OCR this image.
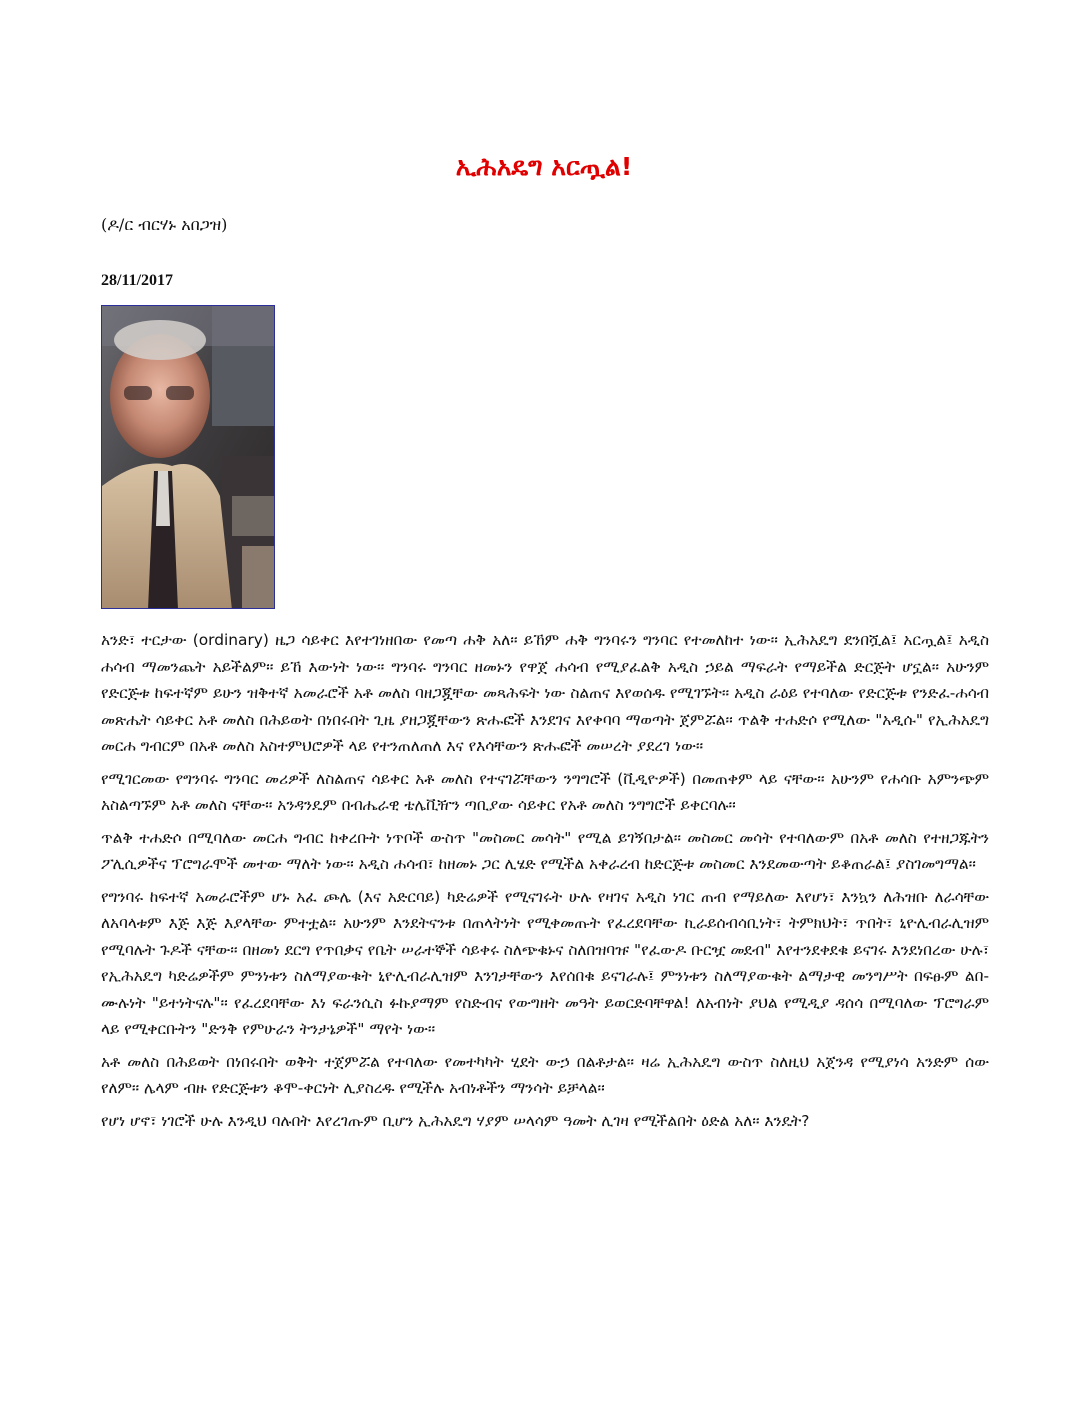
ኢሕአዴግ አርጧል!

(ዶ/ር ብርሃኑ አበጋዝ)

28/11/2017

አንድ፣ ተርታው (ordinary) ዜጋ ሳይቀር እየተገነዘበው የመጣ ሐቅ አለ፡፡ ይኸም ሐቅ ግንባሩን ግንባር የተመለከተ ነው፡፡ ኢሕአዴግ ደንበሿል፤ አርጧል፤ አዲስ ሐሳብ ማመንጨት አይችልም፡፡ ይኸ እውነት ነው፡፡ ግንባሩ ግንባር ዘመኑን የዋጀ ሐሳብ የሚያፈልቅ አዲስ ኃይል ማፍራት የማይችል ድርጅት ሆኗል፡፡ አሁንም የድርጅቱ ከፍተኛም ይሁን ዝቅተኛ አመራሮች አቶ መለስ ባዘጋጇቸው መጻሕፍት ነው ስልጠና እየወሰዱ የሚገኙት፡፡ አዲስ ራዕይ የተባለው የድርጅቱ የንድፈ-ሐሳብ መጽሔት ሳይቀር አቶ መለስ በሕይወት በነበሩበት ጊዜ ያዘጋጇቸውን ጽሑፎች እንደገና እየቀባባ ማወጣት ጀምሯል፡፡ ጥልቅ ተሐድሶ የሚለው "አዲሱ" የኢሕአዴግ መርሐ ግብርም በአቶ መለስ አስተምህሮዎች ላይ የተንጠለጠለ እና የእሳቸውን ጽሑፎች መሠረት ያደረገ ነው፡፡

የሚገርመው የግንባሩ ግንባር መሪዎች ለስልጠና ሳይቀር አቶ መለስ የተናገሯቸውን ንግግሮች (ቪዲዮዎች) በመጠቀም ላይ ናቸው፡፡ አሁንም የሐሳቡ አምንጭም አስልጣኙም አቶ መለስ ናቸው፡፡ አንዳንዴም በብሔራዊ ቴሌቪዥን ጣቢያው ሳይቀር የአቶ መለስ ንግግሮች ይቀርባሉ፡፡

ጥልቅ ተሐድሶ በሚባለው መርሐ ግብር ከቀረቡት ነጥቦች ውስጥ "መስመር መሳት" የሚል ይገኝበታል፡፡ መስመር መሳት የተባለውም በአቶ መለስ የተዘጋጁትን ፖሊሲዎችና ፕሮግራሞች መተው ማለት ነው፡፡ አዲስ ሐሳብ፣ ከዘመኑ ጋር ሊሄድ የሚችል አቀራረብ ከድርጅቱ መስመር እንደመውጣት ይቆጠራል፤ ያስገመግማል፡፡

የግንባሩ ከፍተኛ አመራሮችም ሆኑ አፈ ጮሌ (እና አድርባይ) ካድሬዎች የሚናገሩት ሁሉ የዛገና አዲስ ነገር ጠብ የማይለው እየሆነ፣ እንኳን ለሕዝቡ ለራሳቸው ለአባላቱም እጅ እጅ እያላቸው ምተቷል፡፡ አሁንም እንደትናንቱ በጠላትነት የሚቀመጡት የፈረደባቸው ኪራይሰብሳቢነት፣ ትምክህት፣ ጥበት፣ ኒዮሊብራሊዝም የሚባሉት ጉዶች ናቸው፡፡ በዘመነ ደርግ የጥበቃና የቤት ሠራተኞች ሳይቀሩ ስለጭቁኑና ስለበዝባዡ "የፈውዶ ቡርዧ መደብ" እየተንደቀደቁ ይናገሩ እንደነበረው ሁሉ፣ የኢሕአዴግ ካድሬዎችም ምንነቱን ስለማያውቁት ኒዮሊብራሊዝም እንገታቸውን እየሰበቁ ይናገራሉ፤ ምንነቱን ስለማያውቁት ልማታዊ መንግሥት በፍፁም ልበ-ሙሉነት "ይተነትናሉ"፡፡ የፈረደባቸው እነ ፍራንሲስ ፉኩያማም የስድብና የውግዘት መዓት ይወርድባቸዋል! ለአብነት ያህል የሚዲያ ዳሰሳ በሚባለው ፕሮግራም ላይ የሚቀርቡትን "ድንቅ የምሁራን ትንታኔዎች" ማየት ነው፡፡

አቶ መለስ በሕይወት በነበሩበት ወቅት ተጀምሯል የተባለው የመተካካት ሂደት ውኃ በልቶታል፡፡ ዛሬ ኢሕአዴግ ውስጥ ስለዚህ አጀንዳ የሚያነሳ አንድም ሰው የለም፡፡ ሌላም ብዙ የድርጅቱን ቆሞ-ቀርነት ሊያስረዱ የሚችሉ አብነቶችን ማንሳት ይቻላል፡፡

የሆነ ሆኖ፣ ነገሮች ሁሉ እንዲህ ባሉበት እየረገጡም ቢሆን ኢሕአዴግ ሃያም ሠላሳም ዓመት ሊገዛ የሚችልበት ዕድል አለ፡፡ እንዴት?
